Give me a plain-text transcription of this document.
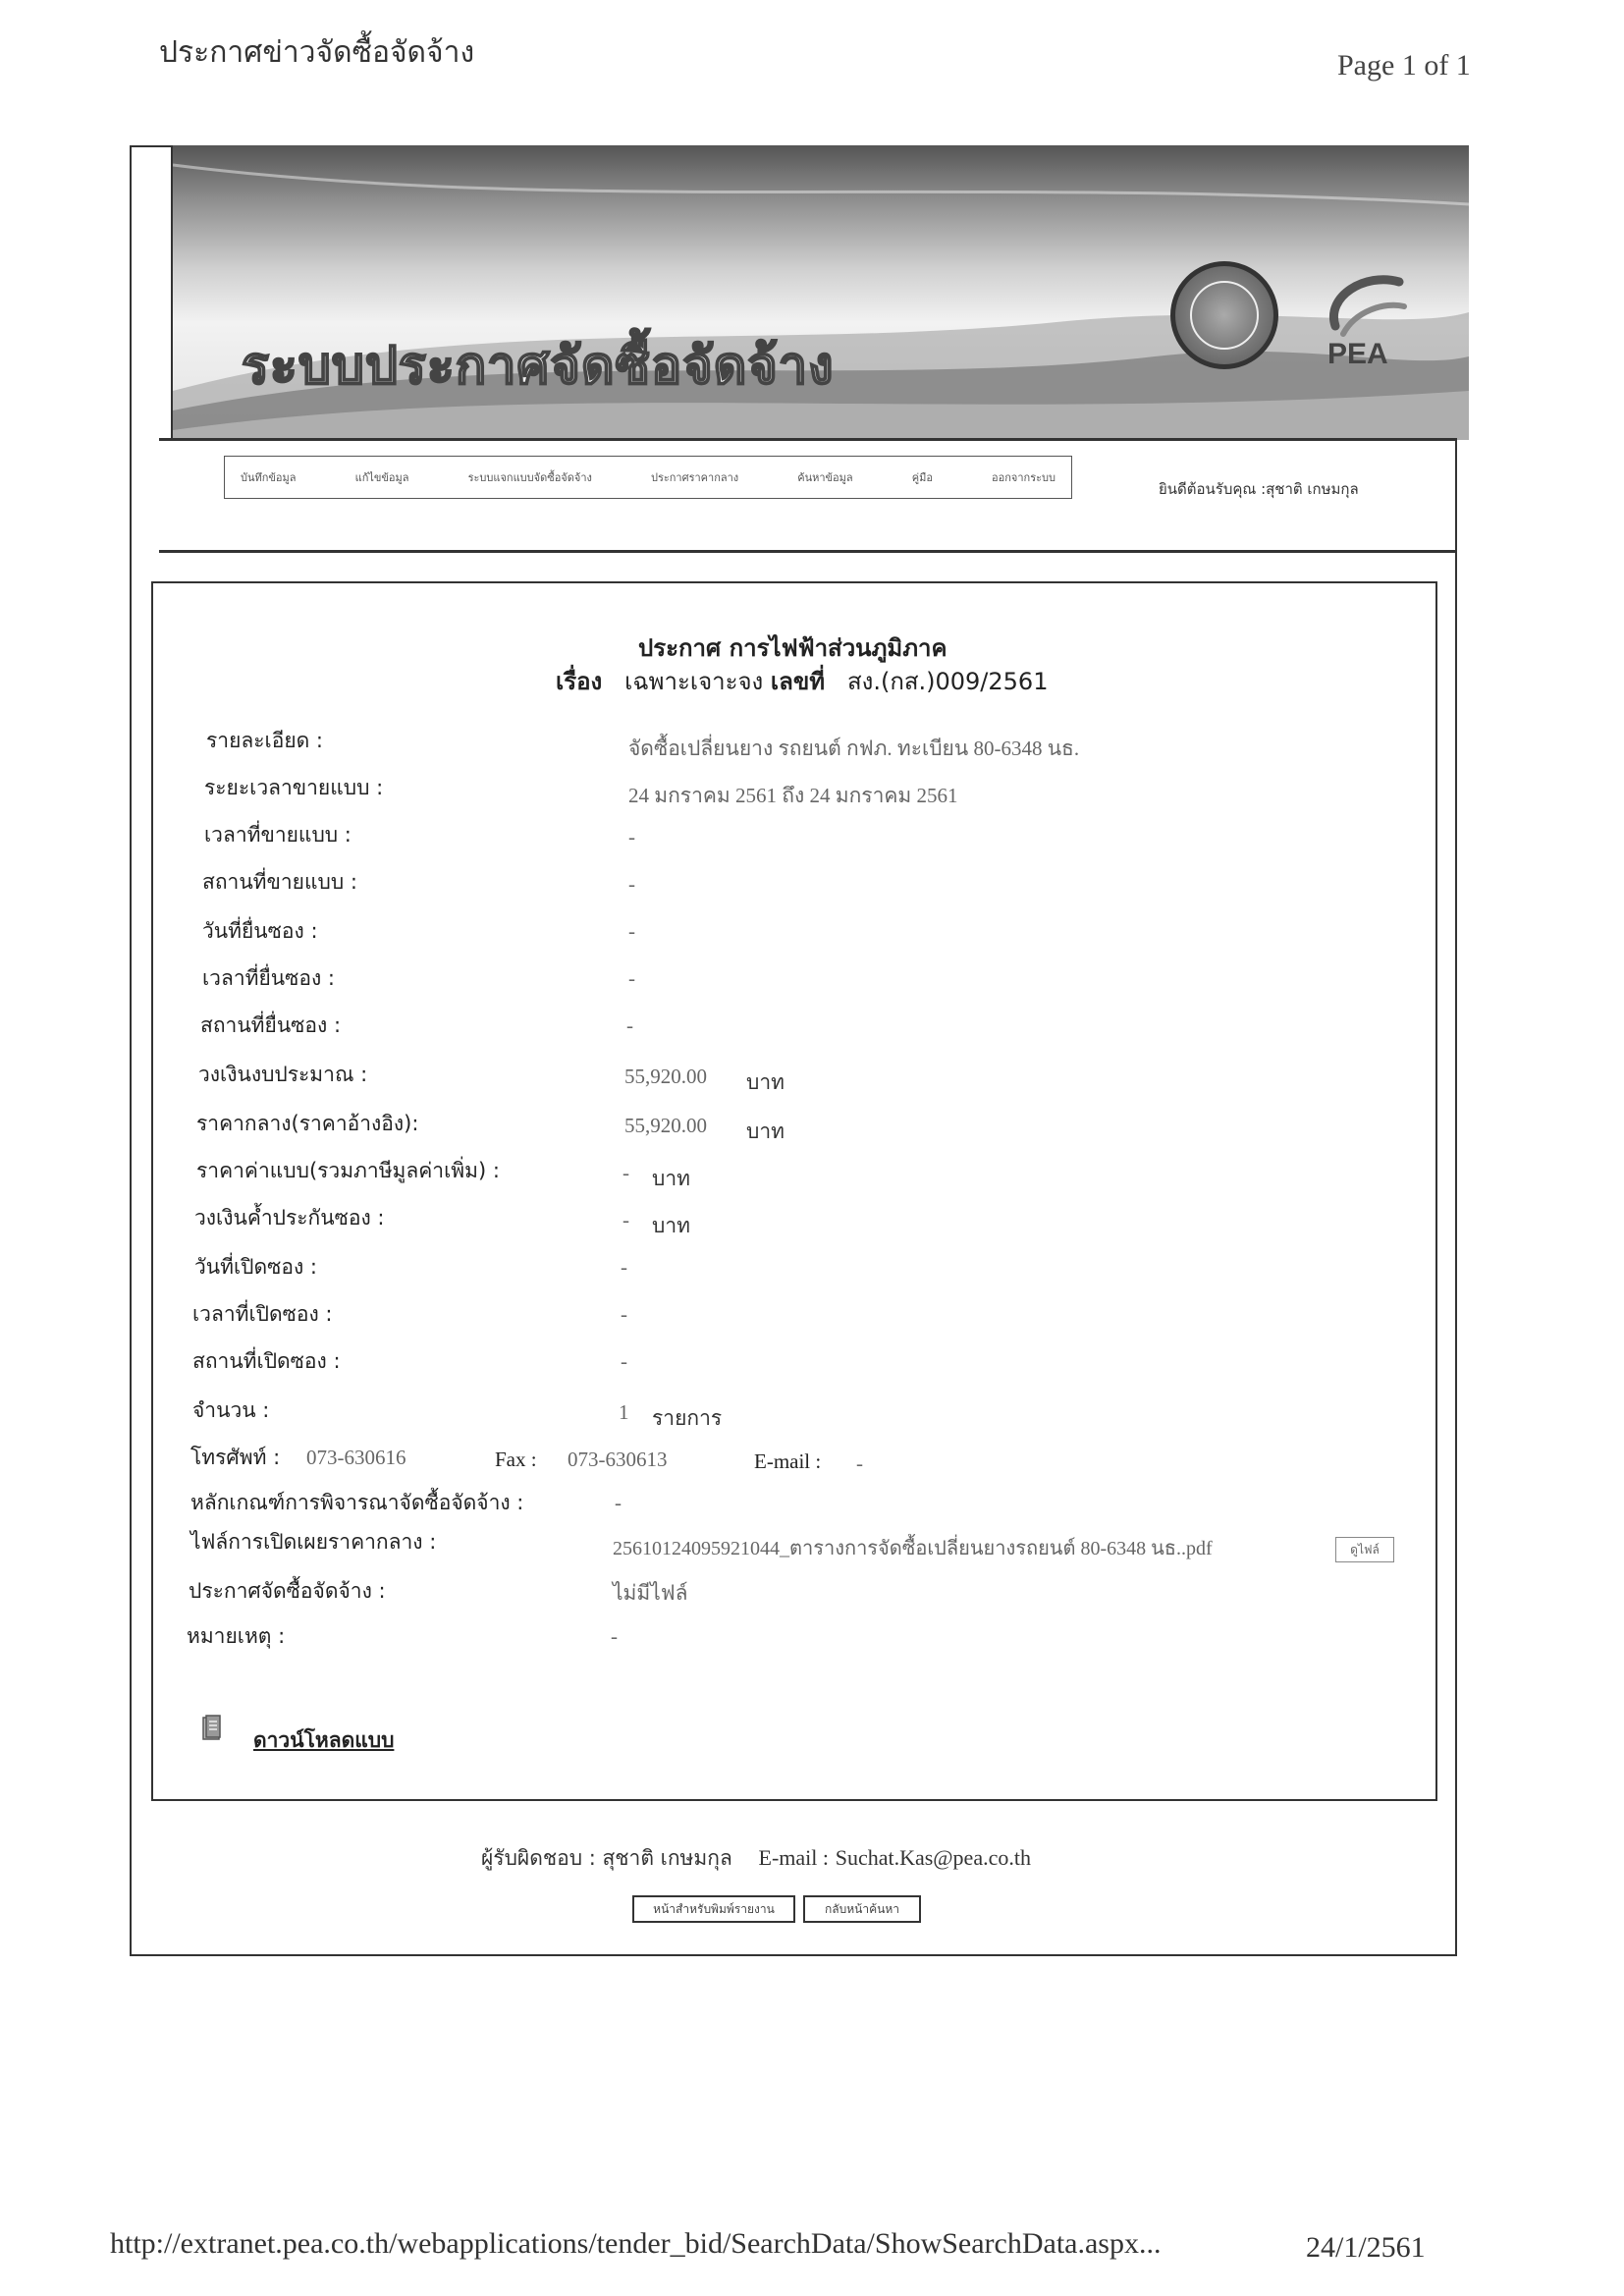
ประกาศข่าวจัดซื้อจัดจ้าง	Page 1 of 1
ระบบประกาศจัดซื้อจัดจ้าง	PEA
บันทึกข้อมูล	แก้ไขข้อมูล	ระบบแจกแบบจัดซื้อจัดจ้าง	ประกาศราคากลาง	ค้นหาข้อมูล	คู่มือ	ออกจากระบบ
ยินดีต้อนรับคุณ :สุชาติ เกษมกุล
ประกาศ การไฟฟ้าส่วนภูมิภาค
เรื่อง เฉพาะเจาะจง เลขที่ สง.(กส.)009/2561
รายละเอียด :	จัดซื้อเปลี่ยนยาง รถยนต์ กฟภ. ทะเบียน 80-6348 นธ.
ระยะเวลาขายแบบ :	24 มกราคม 2561 ถึง 24 มกราคม 2561
เวลาที่ขายแบบ :	-
สถานที่ขายแบบ :	-
วันที่ยื่นซอง :	-
เวลาที่ยื่นซอง :	-
สถานที่ยื่นซอง :	-
วงเงินงบประมาณ :	55,920.00 บาท
ราคากลาง(ราคาอ้างอิง):	55,920.00 บาท
ราคาค่าแบบ(รวมภาษีมูลค่าเพิ่ม) :	- บาท
วงเงินค้ำประกันซอง :	- บาท
วันที่เปิดซอง :	-
เวลาที่เปิดซอง :	-
สถานที่เปิดซอง :	-
จำนวน :	1 รายการ
โทรศัพท์ : 073-630616	Fax : 073-630613	E-mail : -
หลักเกณฑ์การพิจารณาจัดซื้อจัดจ้าง :	-
ไฟล์การเปิดเผยราคากลาง :	25610124095921044_ตารางการจัดซื้อเปลี่ยนยางรถยนต์ 80-6348 นธ..pdf	ดูไฟล์
ประกาศจัดซื้อจัดจ้าง :	ไม่มีไฟล์
หมายเหตุ :	-
ดาวน์โหลดแบบ
ผู้รับผิดชอบ : สุชาติ เกษมกุล E-mail : Suchat.Kas@pea.co.th
หน้าสำหรับพิมพ์รายงาน	กลับหน้าค้นหา
http://extranet.pea.co.th/webapplications/tender_bid/SearchData/ShowSearchData.aspx...	24/1/2561
